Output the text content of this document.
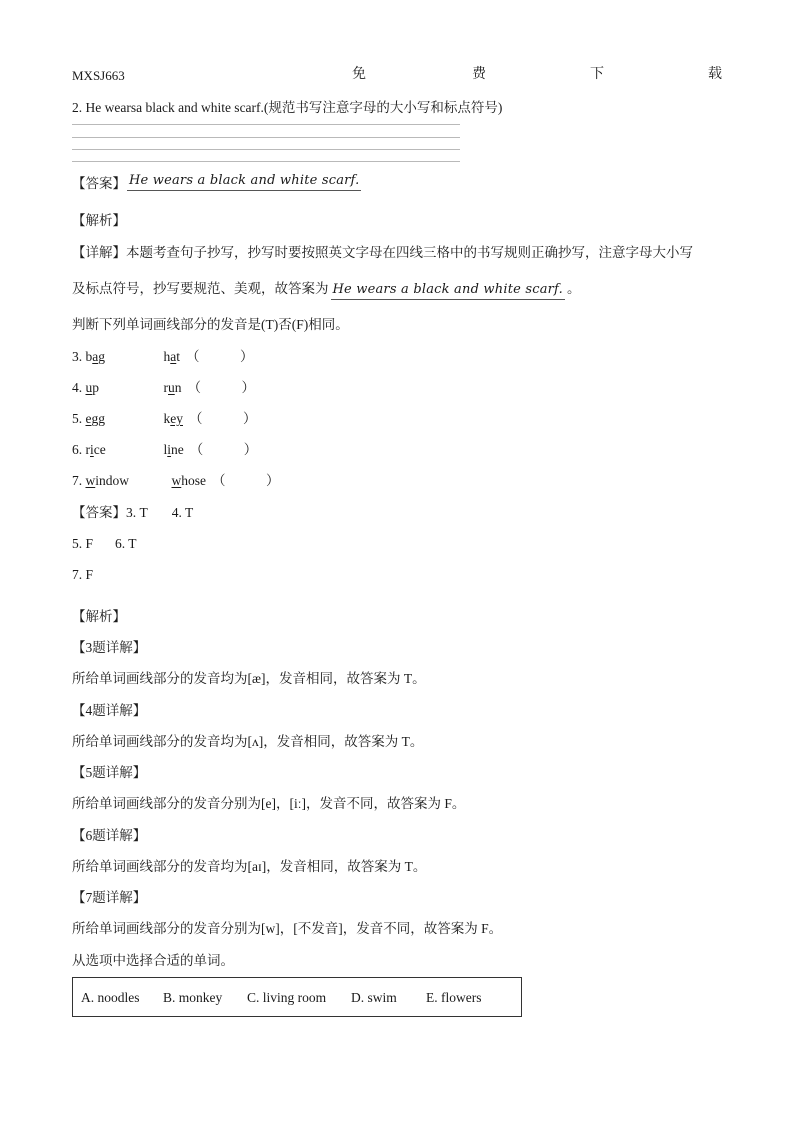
MXSJ663	免	费	下	载
2. He wearsa black and white scarf.(规范书写注意字母的大小写和标点符号)
【答案】 He wears a black and white scarf.
【解析】
【详解】本题考查句子抄写，抄写时要按照英文字母在四线三格中的书写规则正确抄写，注意字母大小写
及标点符号，抄写要规范、美观，故答案为 He wears a black and white scarf. 。
判断下列单词画线部分的发音是(T)否(F)相同。
3. bag	hat （　　　）
4. up	run （　　　）
5. egg	key （　　　）
6. rice	line （　　　）
7. window	whose （　　　）
【答案】3. T 4. T
5. F 6. T
7. F
【解析】
【3题详解】
所给单词画线部分的发音均为[æ]，发音相同，故答案为 T。
【4题详解】
所给单词画线部分的发音均为[ʌ]，发音相同，故答案为 T。
【5题详解】
所给单词画线部分的发音分别为[e]，[iː]，发音不同，故答案为 F。
【6题详解】
所给单词画线部分的发音均为[aɪ]，发音相同，故答案为 T。
【7题详解】
所给单词画线部分的发音分别为[w]，[不发音]，发音不同，故答案为 F。
从选项中选择合适的单词。
A. noodles B. monkey C. living room D. swim E. flowers
